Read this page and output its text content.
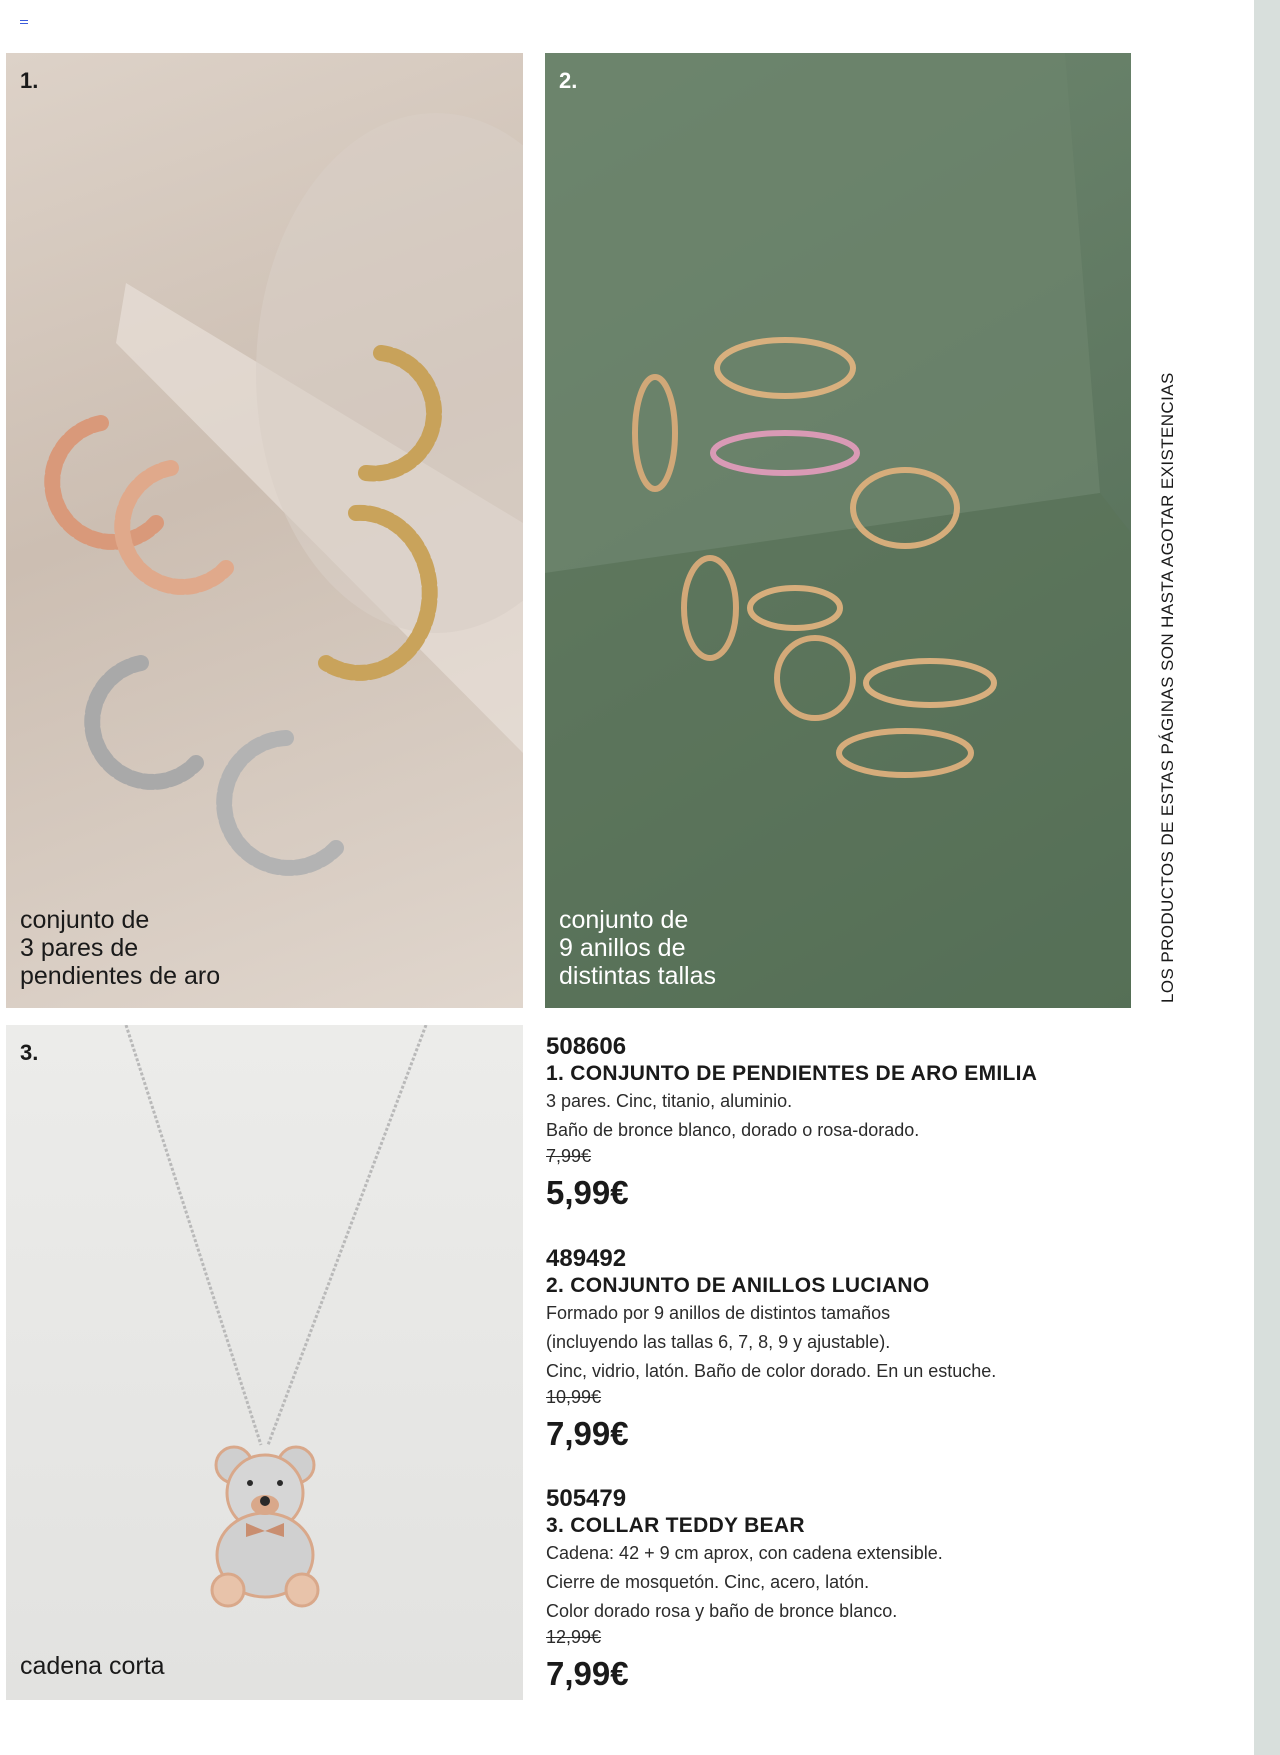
1.
conjunto de
3 pares de
pendientes de aro
2.
conjunto de
9 anillos de
distintas tallas
3.
cadena corta
LOS PRODUCTOS DE ESTAS PÁGINAS SON HASTA AGOTAR EXISTENCIAS
508606
1. CONJUNTO DE PENDIENTES DE ARO EMILIA
3 pares. Cinc, titanio, aluminio.
Baño de bronce blanco, dorado o rosa-dorado.
7,99€
5,99€
489492
2. CONJUNTO DE ANILLOS LUCIANO
Formado por 9 anillos de distintos tamaños
(incluyendo las tallas 6, 7, 8, 9 y ajustable).
Cinc, vidrio, latón. Baño de color dorado. En un estuche.
10,99€
7,99€
505479
3. COLLAR TEDDY BEAR
Cadena: 42 + 9 cm aprox, con cadena extensible.
Cierre de mosquetón. Cinc, acero, latón.
Color dorado rosa y baño de bronce blanco.
12,99€
7,99€
